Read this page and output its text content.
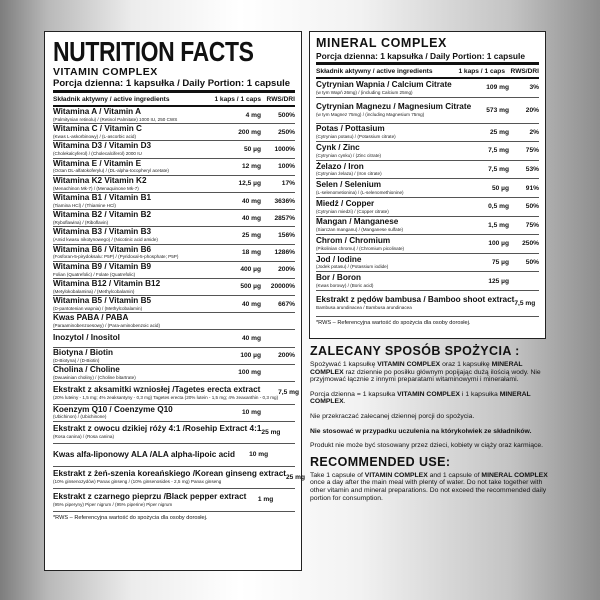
NUTRITION FACTS
VITAMIN COMPLEX
Porcja dzienna: 1 kapsułka / Daily Portion: 1 capsule
Składnik aktywny / active ingredients	1 kaps / 1 caps RWS/DRI
Witamina A / Vitamin A
(Palmitynian retinolu) / (Retinol Palmitate) 1000 IU, 250 CWS
4 mg	500%
Witamina C / Vitamin C
(Kwas L-askorbinowy) / (L-ascorbic acid)
200 mg	250%
Witamina D3 / Vitamin D3
(Cholekalcyferol) / (Cholecalciferol) 2000 IU
50 µg	1000%
Witamina E / Vitamin E
(Octan DL-alfatokoferylu) / (DL-alpha-tocopheryl acetate)
12 mg	100%
Witamina K2 Vitamin K2
(Menachinon Mk-7) / (Menaquinone Mk-7)
12,5 µg	17%
Witamina B1 / Vitamin B1
(Tiamina HCl) / (Thiamine HCl)
40 mg	3636%
Witamina B2 / Vitamin B2
(Ryboflawina) / (Riboflavin)
40 mg	2857%
Witamina B3 / Vitamin B3
(Amid kwasu nikotynowego) / (Nicotinic acid amide)
25 mg	156%
Witamina B6 / Vitamin B6
(Fosforan-5-pirydoksalu: P5P) / (Pyridoxal-5-phosphate; P5P)
18 mg	1286%
Witamina B9 / Vitamin B9
Folian (Quatrefolic) / Folate (Quatrefolic)
400 µg	200%
Witamina B12 / Vitamin B12
(Metylokobalamina) / (Methylcobalamin)
500 µg	20000%
Witamina B5 / Vitamin B5
(D-pantotenian wapnia) / (Methylcobalamin)
40 mg	667%
Kwas PABA / PABA
(Paraaminobenzoesowy) / (Para-aminobenzoic acid)
Inozytol / Inositol	40 mg
Biotyna / Biotin
(D-Biotyna) / (D-Biotin)
100 µg	200%
Cholina / Choline
(Dwuwinian choliny) / (Choline bitartrate)
100 mg
Ekstrakt z aksamitki wzniosłej /Tagetes erecta extract
(20% luteiny - 1,5 mg; 4% zeaksantyny - 0,3 mg) Tagetes erecta (20% lutein - 1,5 mg; 4% zeaxanthin - 0,3 mg)
7,5 mg
Koenzym Q10 / Coenzyme Q10
(Ubichinon) / (Ubichinone)
10 mg
Ekstrakt z owocu dzikiej róży 4:1 /Rosehip Extract 4:1
(Rosa canina) / (Rosa canina)
25 mg
Kwas alfa-liponowy ALA /ALA alpha-lipoic acid	10 mg
Ekstrakt z żeń-szenia koreańskiego /Korean ginseng extract
(10% ginsenozydów) Panax ginseng / (10% ginsenosides - 2,5 mg) Panax ginseng
25 mg
Ekstrakt z czarnego pieprzu /Black pepper extract
(95% piperyny) Piper nigrum / (95% piperine) Piper nigrum
1 mg
*RWS – Referencyjna wartość do spożycia dla osoby dorosłej.
MINERAL COMPLEX
Porcja dzienna: 1 kapsułka / Daily Portion: 1 capsule
Składnik aktywny / active ingredients	1 kaps / 1 caps RWS/DRI
Cytrynian Wapnia / Calcium Citrate
(w tym Wapń 26mg) / (including Calcium 25mg)
109 mg	3%
Cytrynian Magnezu / Magnesium Citrate
(w tym Magnez 75mg) / (including Magnesium 75mg)
573 mg	20%
Potas / Pottasium
(Cytrynian potasu) / (Potassium citrate)
25 mg	2%
Cynk / Zinc
(Cytrynian cynku) / (Zinc citrate)
7,5 mg	75%
Żelazo / Iron
(Cytrynian żelaza) / (Iron citrate)
7,5 mg	53%
Selen / Selenium
(L-selenometionina) / (L-selenomethionine)
50 µg	91%
Miedź / Copper
(Cytrynian miedzi) / (Copper citrate)
0,5 mg	50%
Mangan / Manganese
(Siarczan manganu) / (Manganese sulfate)
1,5 mg	75%
Chrom / Chromium
(Pikolinian chromu) / (Chromium picolinate)
100 µg	250%
Jod / Iodine
(Jodek potasu) / (Potassium iodide)
75 µg	50%
Bor / Boron
(Kwas borowy) / (Boric acid)
125 µg
Ekstrakt z pędów bambusa / Bamboo shoot extract
Bambusa arundinacea / Bambusa arundinacea
7,5 mg
*RWS – Referencyjna wartość do spożycia dla osoby dorosłej.
ZALECANY SPOSÓB SPOŻYCIA :

Spożywać 1 kapsułkę VITAMIN COMPLEX oraz 1 kapsułkę MINERAL COMPLEX raz dziennie po posiłku głównym popijając dużą ilością wody. Nie przyjmować łącznie z innymi preparatami witaminowymi i minerałami.

Porcja dzienna = 1 kapsułka VITAMIN COMPLEX i 1 kapsułka MINERAL COMPLEX.

Nie przekraczać zalecanej dziennej porcji do spożycia.

Nie stosować w przypadku uczulenia na którykolwiek ze składników.

Produkt nie może być stosowany przez dzieci, kobiety w ciąży oraz karmiące.

RECOMMENDED USE:

Take 1 capsule of VITAMIN COMPLEX and 1 capsule of MINERAL COMPLEX once a day after the main meal with plenty of water. Do not take together with other vitamin and mineral preparations. Do not exceed the recommended daily portion for consumption.
